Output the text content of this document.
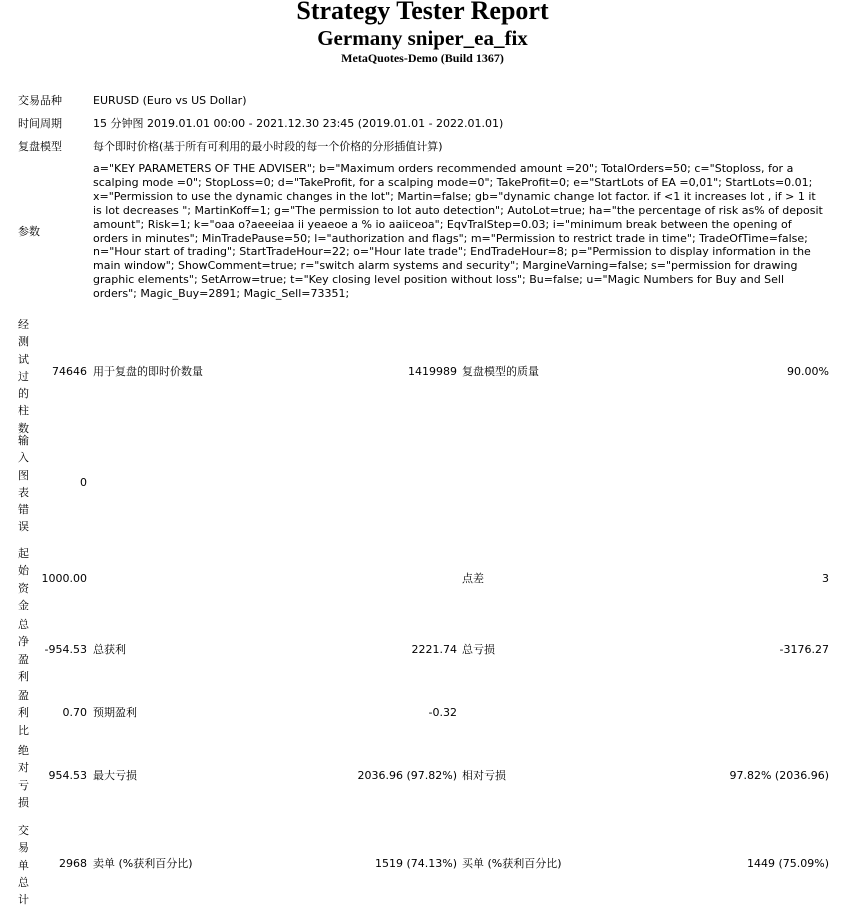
Strategy Tester Report
Germany sniper_ea_fix
MetaQuotes-Demo (Build 1367)
交易品种	EURUSD (Euro vs US Dollar)
时间周期	15 分钟图 2019.01.01 00:00 - 2021.12.30 23:45 (2019.01.01 - 2022.01.01)
复盘模型	每个即时价格(基于所有可利用的最小时段的每一个价格的分形插值计算)
参数
a="KEY PARAMETERS OF THE ADVISER"; b="Maximum orders recommended amount =20"; TotalOrders=50; c="Stoploss, for a scalping mode =0"; StopLoss=0; d="TakeProfit, for a scalping mode=0"; TakeProfit=0; e="StartLots of EA =0,01"; StartLots=0.01; x="Permission to use the dynamic changes in the lot"; Martin=false; gb="dynamic change lot factor. if <1 it increases lot , if > 1 it is lot decreases "; MartinKoff=1; g="The permission to lot auto detection"; AutoLot=true; ha="the percentage of risk as% of deposit amount"; Risk=1; k="oaa o?aeeeiaa ii yeaeoe a % io aaiiceoa"; EqvTralStep=0.03; i="minimum break between the opening of orders in minutes"; MinTradePause=50; l="authorization and flags"; m="Permission to restrict trade in time"; TradeOfTime=false; n="Hour start of trading"; StartTradeHour=22; o="Hour late trade"; EndTradeHour=8; p="Permission to display information in the main window"; ShowComment=true; r="switch alarm systems and security"; MargineVarning=false; s="permission for drawing graphic elements"; SetArrow=true; t="Key closing level position without loss"; Bu=false; u="Magic Numbers for Buy and Sell orders"; Magic_Buy=2891; Magic_Sell=73351;
经测试过的柱数
74646 用于复盘的即时价数量	1419989 复盘模型的质量	90.00%
输入图表错误
0
起始资金
1000.00	点差	3
总净盈利
-954.53 总获利	2221.74 总亏损	-3176.27
盈利比
0.70 预期盈利	-0.32
绝对亏损
954.53 最大亏损	2036.96 (97.82%) 相对亏损	97.82% (2036.96)
交易单总计
2968 卖单 (%获利百分比)	1519 (74.13%) 买单 (%获利百分比)	1449 (75.09%)
